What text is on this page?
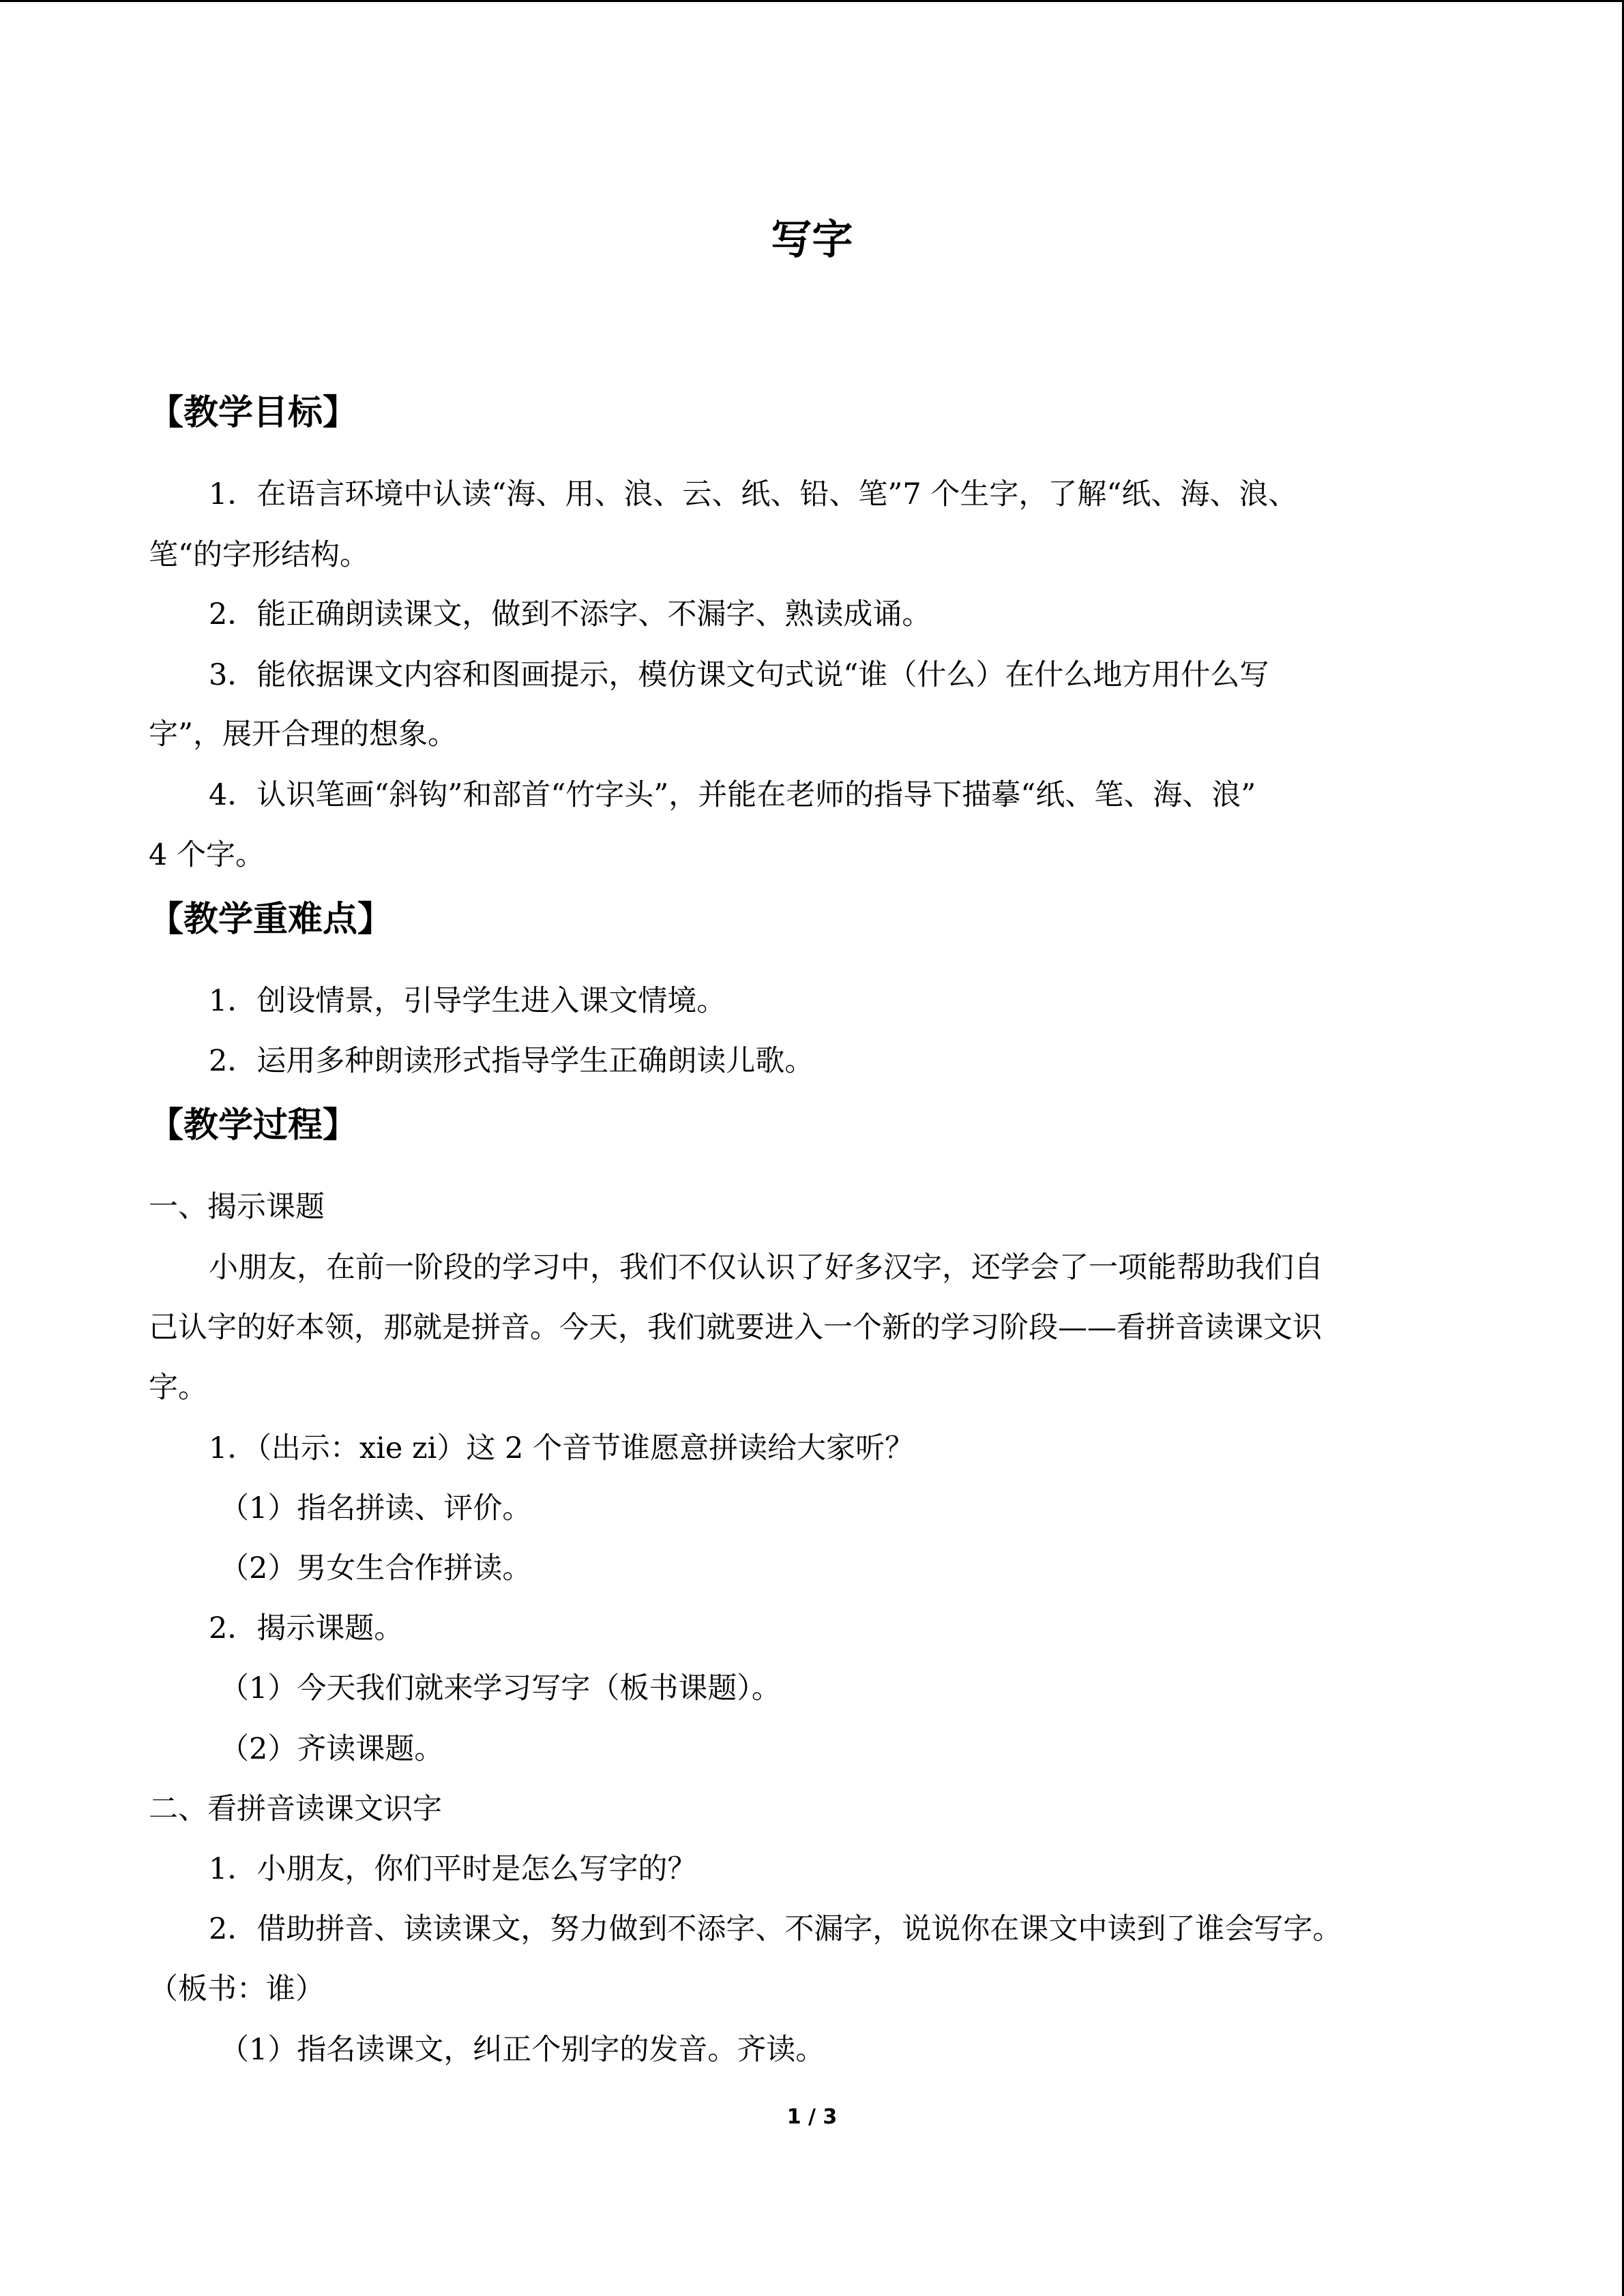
写字
【教学目标】

1．在语言环境中认读“海、用、浪、云、纸、铅、笔”7 个生字，了解“纸、海、浪、

笔“的字形结构。

2．能正确朗读课文，做到不添字、不漏字、熟读成诵。

3．能依据课文内容和图画提示，模仿课文句式说“谁（什么）在什么地方用什么写

字”，展开合理的想象。

4．认识笔画“斜钩”和部首“竹字头”，并能在老师的指导下描摹“纸、笔、海、浪”

4 个字。

【教学重难点】

1．创设情景，引导学生进入课文情境。

2．运用多种朗读形式指导学生正确朗读儿歌。

【教学过程】

一、揭示课题

小朋友，在前一阶段的学习中，我们不仅认识了好多汉字，还学会了一项能帮助我们自

己认字的好本领，那就是拼音。今天，我们就要进入一个新的学习阶段——看拼音读课文识

字。

1．（出示：xie zi）这 2 个音节谁愿意拼读给大家听？

（1）指名拼读、评价。

（2）男女生合作拼读。

2．揭示课题。

（1）今天我们就来学习写字（板书课题）。

（2）齐读课题。

二、看拼音读课文识字

1．小朋友，你们平时是怎么写字的？

2．借助拼音、读读课文，努力做到不添字、不漏字，说说你在课文中读到了谁会写字。

（板书：谁）

（1）指名读课文，纠正个别字的发音。齐读。

1 / 3
